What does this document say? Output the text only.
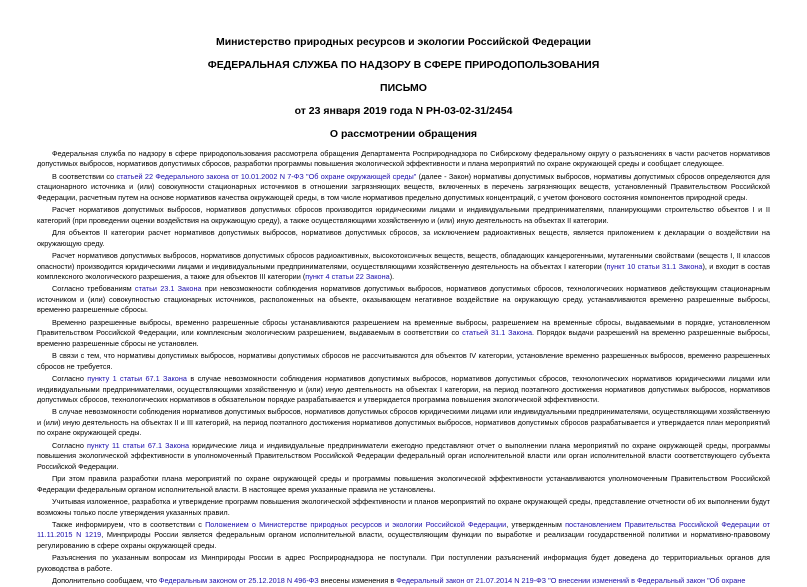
Министерство природных ресурсов и экологии Российской Федерации

ФЕДЕРАЛЬНАЯ СЛУЖБА ПО НАДЗОРУ В СФЕРЕ ПРИРОДОПОЛЬЗОВАНИЯ

ПИСЬМО

от 23 января 2019 года N РН-03-02-31/2454

О рассмотрении обращения

Федеральная служба по надзору в сфере природопользования рассмотрела обращения Департамента Росприроднадзора по Сибирскому федеральному округу о разъяснениях в части расчетов нормативов допустимых выбросов, нормативов допустимых сбросов, разработки программы повышения экологической эффективности и плана мероприятий по охране окружающей среды и сообщает следующее.

В соответствии со статьей 22 Федерального закона от 10.01.2002 N 7-ФЗ "Об охране окружающей среды" (далее - Закон) нормативы допустимых выбросов, нормативы допустимых сбросов определяются для стационарного источника и (или) совокупности стационарных источников в отношении загрязняющих веществ, включенных в перечень загрязняющих веществ, установленный Правительством Российской Федерации, расчетным путем на основе нормативов качества окружающей среды, в том числе нормативов предельно допустимых концентраций, с учетом фонового состояния компонентов природной среды.

Расчет нормативов допустимых выбросов, нормативов допустимых сбросов производится юридическими лицами и индивидуальными предпринимателями, планирующими строительство объектов I и II категорий (при проведении оценки воздействия на окружающую среду), а также осуществляющими хозяйственную и (или) иную деятельность на объектах II категории.

Для объектов II категории расчет нормативов допустимых выбросов, нормативов допустимых сбросов, за исключением радиоактивных веществ, является приложением к декларации о воздействии на окружающую среду.

Расчет нормативов допустимых выбросов, нормативов допустимых сбросов радиоактивных, высокотоксичных веществ, веществ, обладающих канцерогенными, мутагенными свойствами (веществ I, II классов опасности) производится юридическими лицами и индивидуальными предпринимателями, осуществляющими хозяйственную деятельность на объектах I категории (пункт 10 статьи 31.1 Закона), и входит в состав комплексного экологического разрешения, а также для объектов III категории (пункт 4 статьи 22 Закона).

Согласно требованиям статьи 23.1 Закона при невозможности соблюдения нормативов допустимых выбросов, нормативов допустимых сбросов, технологических нормативов действующим стационарным источником и (или) совокупностью стационарных источников, расположенных на объекте, оказывающем негативное воздействие на окружающую среду, устанавливаются временно разрешенные выбросы, временно разрешенные сбросы.

Временно разрешенные выбросы, временно разрешенные сбросы устанавливаются разрешением на временные выбросы, разрешением на временные сбросы, выдаваемыми в порядке, установленном Правительством Российской Федерации, или комплексным экологическим разрешением, выдаваемым в соответствии со статьей 31.1 Закона. Порядок выдачи разрешений на временно разрешенные выбросы, временно разрешенные сбросы не установлен.

В связи с тем, что нормативы допустимых выбросов, нормативы допустимых сбросов не рассчитываются для объектов IV категории, установление временно разрешенных выбросов, временно разрешенных сбросов не требуется.

Согласно пункту 1 статьи 67.1 Закона в случае невозможности соблюдения нормативов допустимых выбросов, нормативов допустимых сбросов, технологических нормативов юридическими лицами или индивидуальными предпринимателями, осуществляющими хозяйственную и (или) иную деятельность на объектах I категории, на период поэтапного достижения нормативов допустимых выбросов, нормативов допустимых сбросов, технологических нормативов в обязательном порядке разрабатывается и утверждается программа повышения экологической эффективности.

В случае невозможности соблюдения нормативов допустимых выбросов, нормативов допустимых сбросов юридическими лицами или индивидуальными предпринимателями, осуществляющими хозяйственную и (или) иную деятельность на объектах II и III категорий, на период поэтапного достижения нормативов допустимых выбросов, нормативов допустимых сбросов разрабатывается и утверждается план мероприятий по охране окружающей среды.

Согласно пункту 11 статьи 67.1 Закона юридические лица и индивидуальные предприниматели ежегодно представляют отчет о выполнении плана мероприятий по охране окружающей среды, программы повышения экологической эффективности в уполномоченный Правительством Российской Федерации федеральный орган исполнительной власти или орган исполнительной власти соответствующего субъекта Российской Федерации.

При этом правила разработки плана мероприятий по охране окружающей среды и программы повышения экологической эффективности устанавливаются уполномоченным Правительством Российской Федерации федеральным органом исполнительной власти. В настоящее время указанные правила не установлены.

Учитывая изложенное, разработка и утверждение программ повышения экологической эффективности и планов мероприятий по охране окружающей среды, представление отчетности об их выполнении будут возможны только после утверждения указанных правил.

Также информируем, что в соответствии с Положением о Министерстве природных ресурсов и экологии Российской Федерации, утвержденным постановлением Правительства Российской Федерации от 11.11.2015 N 1219, Минприроды России является федеральным органом исполнительной власти, осуществляющим функции по выработке и реализации государственной политики и нормативно-правовому регулированию в сфере охраны окружающей среды.

Разъяснения по указанным вопросам из Минприроды России в адрес Росприроднадзора не поступали. При поступлении разъяснений информация будет доведена до территориальных органов для руководства в работе.

Дополнительно сообщаем, что Федеральным законом от 25.12.2018 N 496-ФЗ внесены изменения в Федеральный закон от 21.07.2014 N 219-ФЗ "О внесении изменений в Федеральный закон "Об охране
